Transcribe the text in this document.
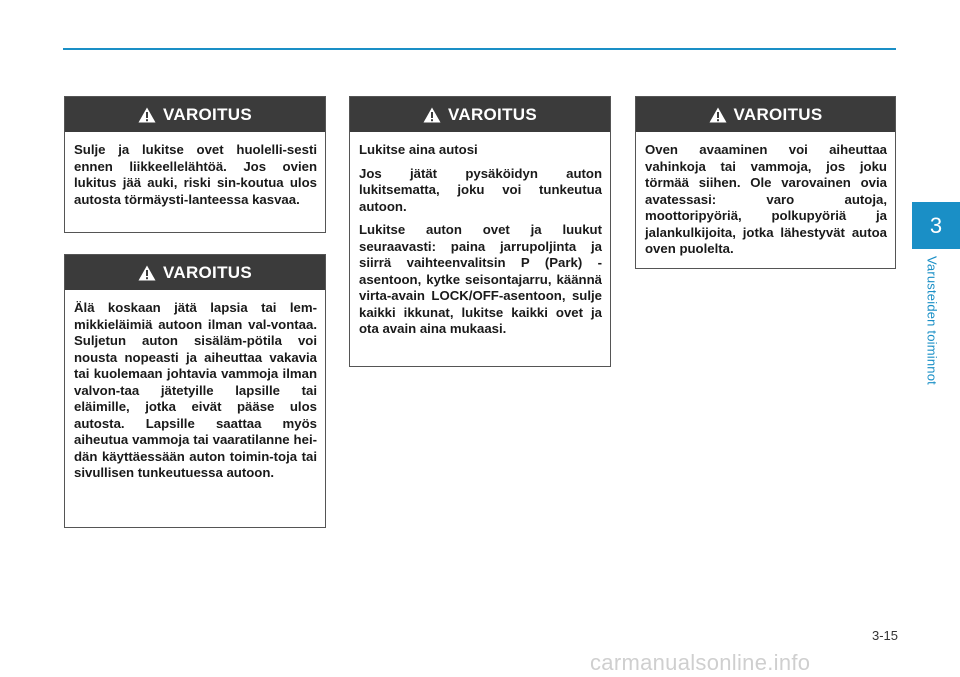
3
Varusteiden toiminnot
VAROITUS

Sulje ja lukitse ovet huolelli-sesti ennen liikkeellelähtöä. Jos ovien lukitus jää auki, riski sin-koutua ulos autosta törmäysti-lanteessa kasvaa.

VAROITUS

Älä koskaan jätä lapsia tai lem-mikkieläimiä autoon ilman val-vontaa. Suljetun auton sisäläm-pötila voi nousta nopeasti ja aiheuttaa vakavia tai kuolemaan johtavia vammoja ilman valvon-taa jätetyille lapsille tai eläimille, jotka eivät pääse ulos autosta. Lapsille saattaa myös aiheutua vammoja tai vaaratilanne hei-dän käyttäessään auton toimin-toja tai sivullisen tunkeutuessa autoon.

VAROITUS

Lukitse aina autosi

Jos jätät pysäköidyn auton lukitsematta, joku voi tunkeutua autoon.

Lukitse auton ovet ja luukut seuraavasti: paina jarrupoljinta ja siirrä vaihteenvalitsin P (Park) -asentoon, kytke seisontajarru, käännä virta-avain LOCK/OFF-asentoon, sulje kaikki ikkunat, lukitse kaikki ovet ja ota avain aina mukaasi.

VAROITUS

Oven avaaminen voi aiheuttaa vahinkoja tai vammoja, jos joku törmää siihen. Ole varovainen ovia avatessasi: varo autoja, moottoripyöriä, polkupyöriä ja jalankulkijoita, jotka lähestyvät autoa oven puolelta.

3-15
carmanualsonline.info
